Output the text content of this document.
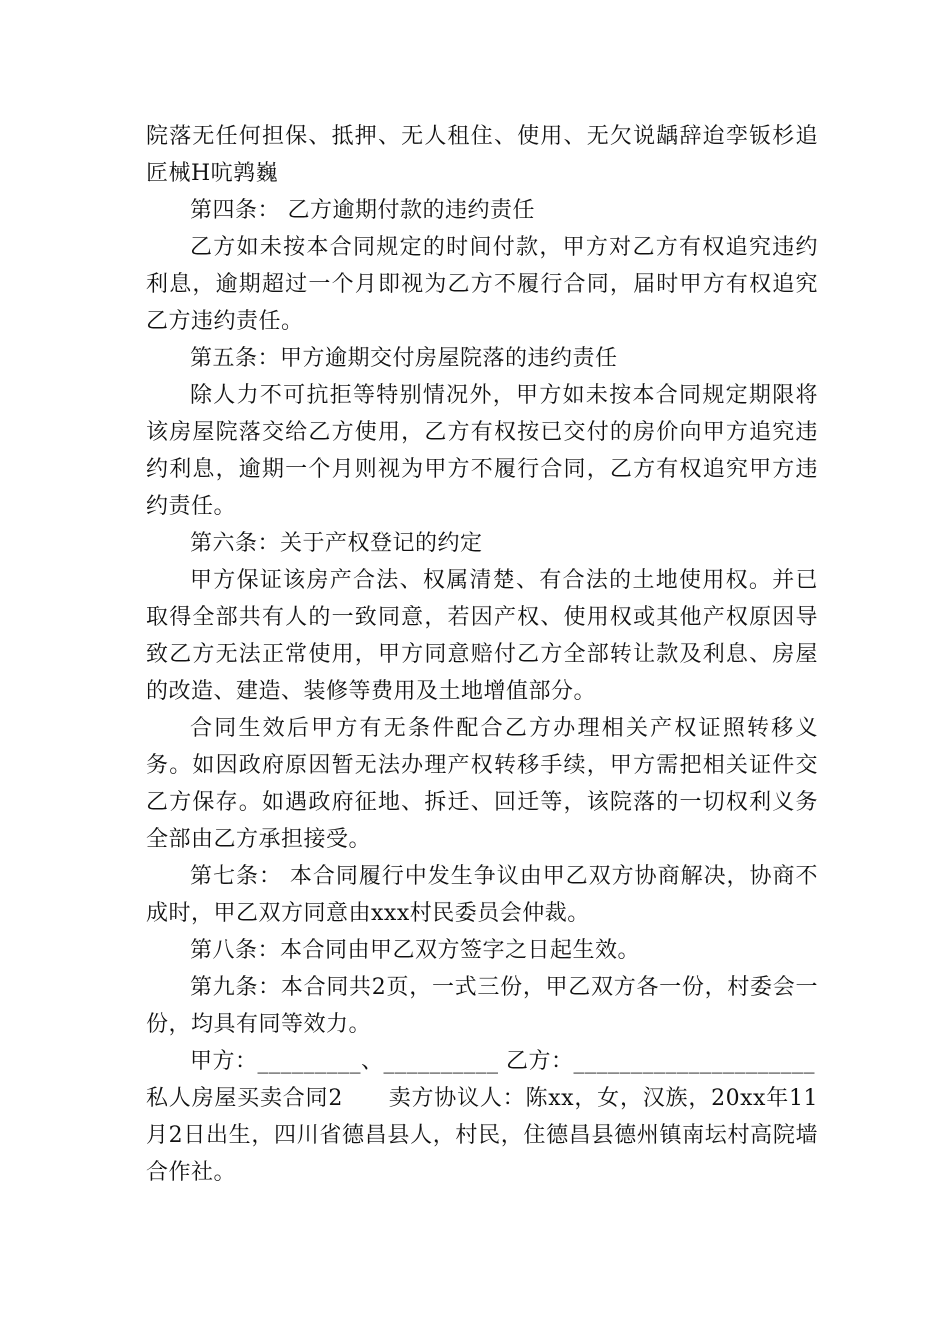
院落无任何担保、抵押、无人租住、使用、无欠说龋辞迨孪钣杉追匠械H吭鹑巍

第四条： 乙方逾期付款的违约责任

乙方如未按本合同规定的时间付款，甲方对乙方有权追究违约利息，逾期超过一个月即视为乙方不履行合同，届时甲方有权追究乙方违约责任。

第五条：甲方逾期交付房屋院落的违约责任

除人力不可抗拒等特别情况外，甲方如未按本合同规定期限将该房屋院落交给乙方使用，乙方有权按已交付的房价向甲方追究违约利息，逾期一个月则视为甲方不履行合同，乙方有权追究甲方违约责任。

第六条：关于产权登记的约定

甲方保证该房产合法、权属清楚、有合法的土地使用权。并已取得全部共有人的一致同意，若因产权、使用权或其他产权原因导致乙方无法正常使用，甲方同意赔付乙方全部转让款及利息、房屋的改造、建造、装修等费用及土地增值部分。

合同生效后甲方有无条件配合乙方办理相关产权证照转移义务。如因政府原因暂无法办理产权转移手续，甲方需把相关证件交乙方保存。如遇政府征地、拆迁、回迁等，该院落的一切权利义务全部由乙方承担接受。

第七条： 本合同履行中发生争议由甲乙双方协商解决，协商不成时，甲乙双方同意由xxx村民委员会仲裁。

第八条：本合同由甲乙双方签字之日起生效。

第九条：本合同共2页，一式三份，甲乙双方各一份，村委会一份，均具有同等效力。

甲方：_________、__________ 乙方：_____________________

私人房屋买卖合同2　　卖方协议人：陈xx，女，汉族，20xx年11月2日出生，四川省德昌县人，村民，住德昌县德州镇南坛村高院墙合作社。
